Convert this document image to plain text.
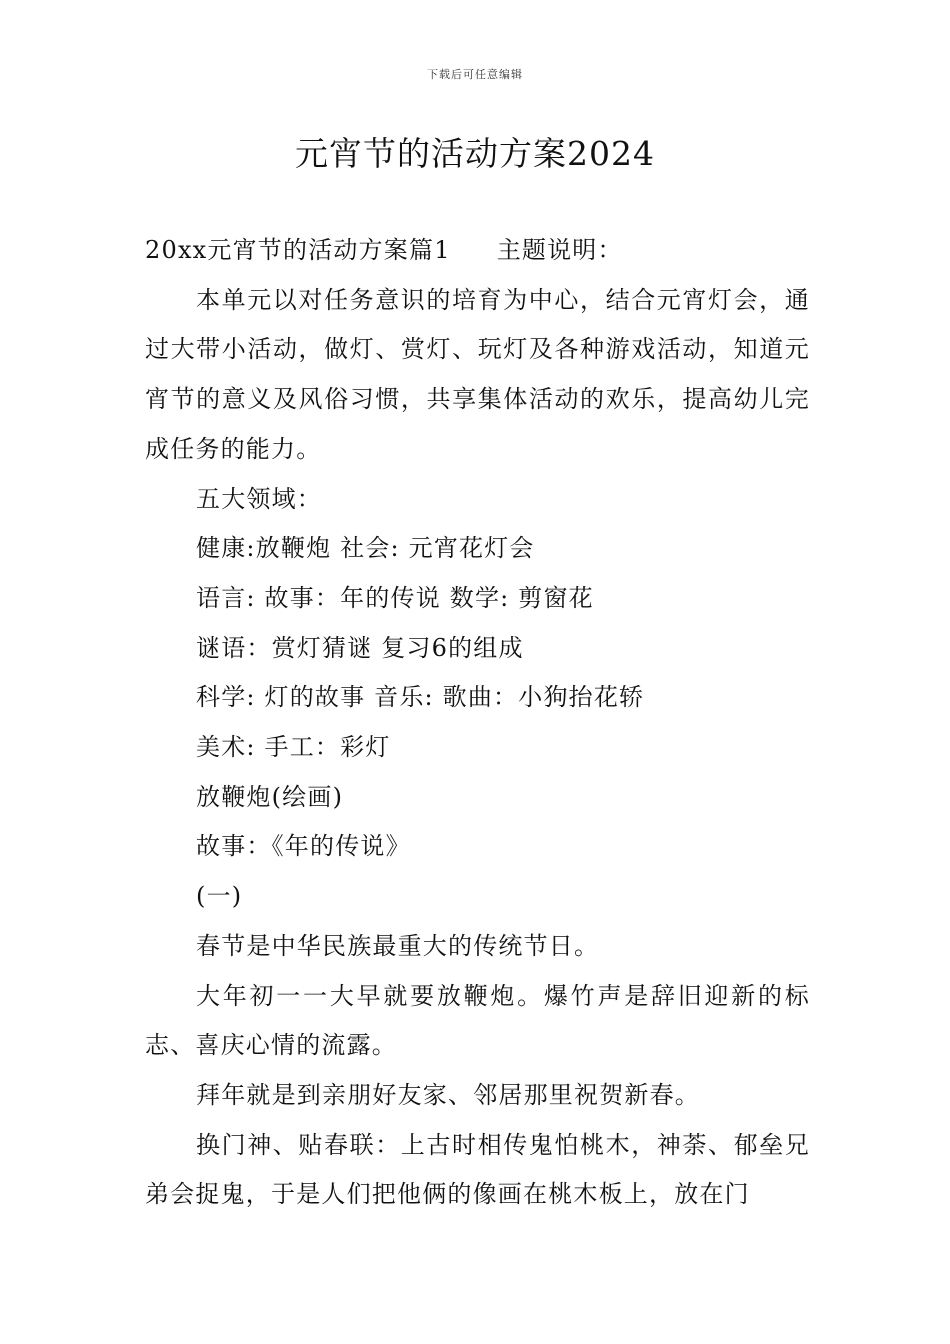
下载后可任意编辑
元宵节的活动方案2024

20xx元宵节的活动方案篇1 主题说明：

本单元以对任务意识的培育为中心，结合元宵灯会，通过大带小活动，做灯、赏灯、玩灯及各种游戏活动，知道元宵节的意义及风俗习惯，共享集体活动的欢乐，提高幼儿完成任务的能力。

五大领域：

健康:放鞭炮 社会: 元宵花灯会

语言: 故事：年的传说 数学: 剪窗花

谜语：赏灯猜谜 复习6的组成

科学: 灯的故事 音乐: 歌曲：小狗抬花轿

美术: 手工：彩灯

放鞭炮(绘画)

故事：《年的传说》

(一)

春节是中华民族最重大的传统节日。

大年初一一大早就要放鞭炮。爆竹声是辞旧迎新的标志、喜庆心情的流露。

拜年就是到亲朋好友家、邻居那里祝贺新春。

换门神、贴春联：上古时相传鬼怕桃木，神荼、郁垒兄弟会捉鬼，于是人们把他俩的像画在桃木板上，放在门
